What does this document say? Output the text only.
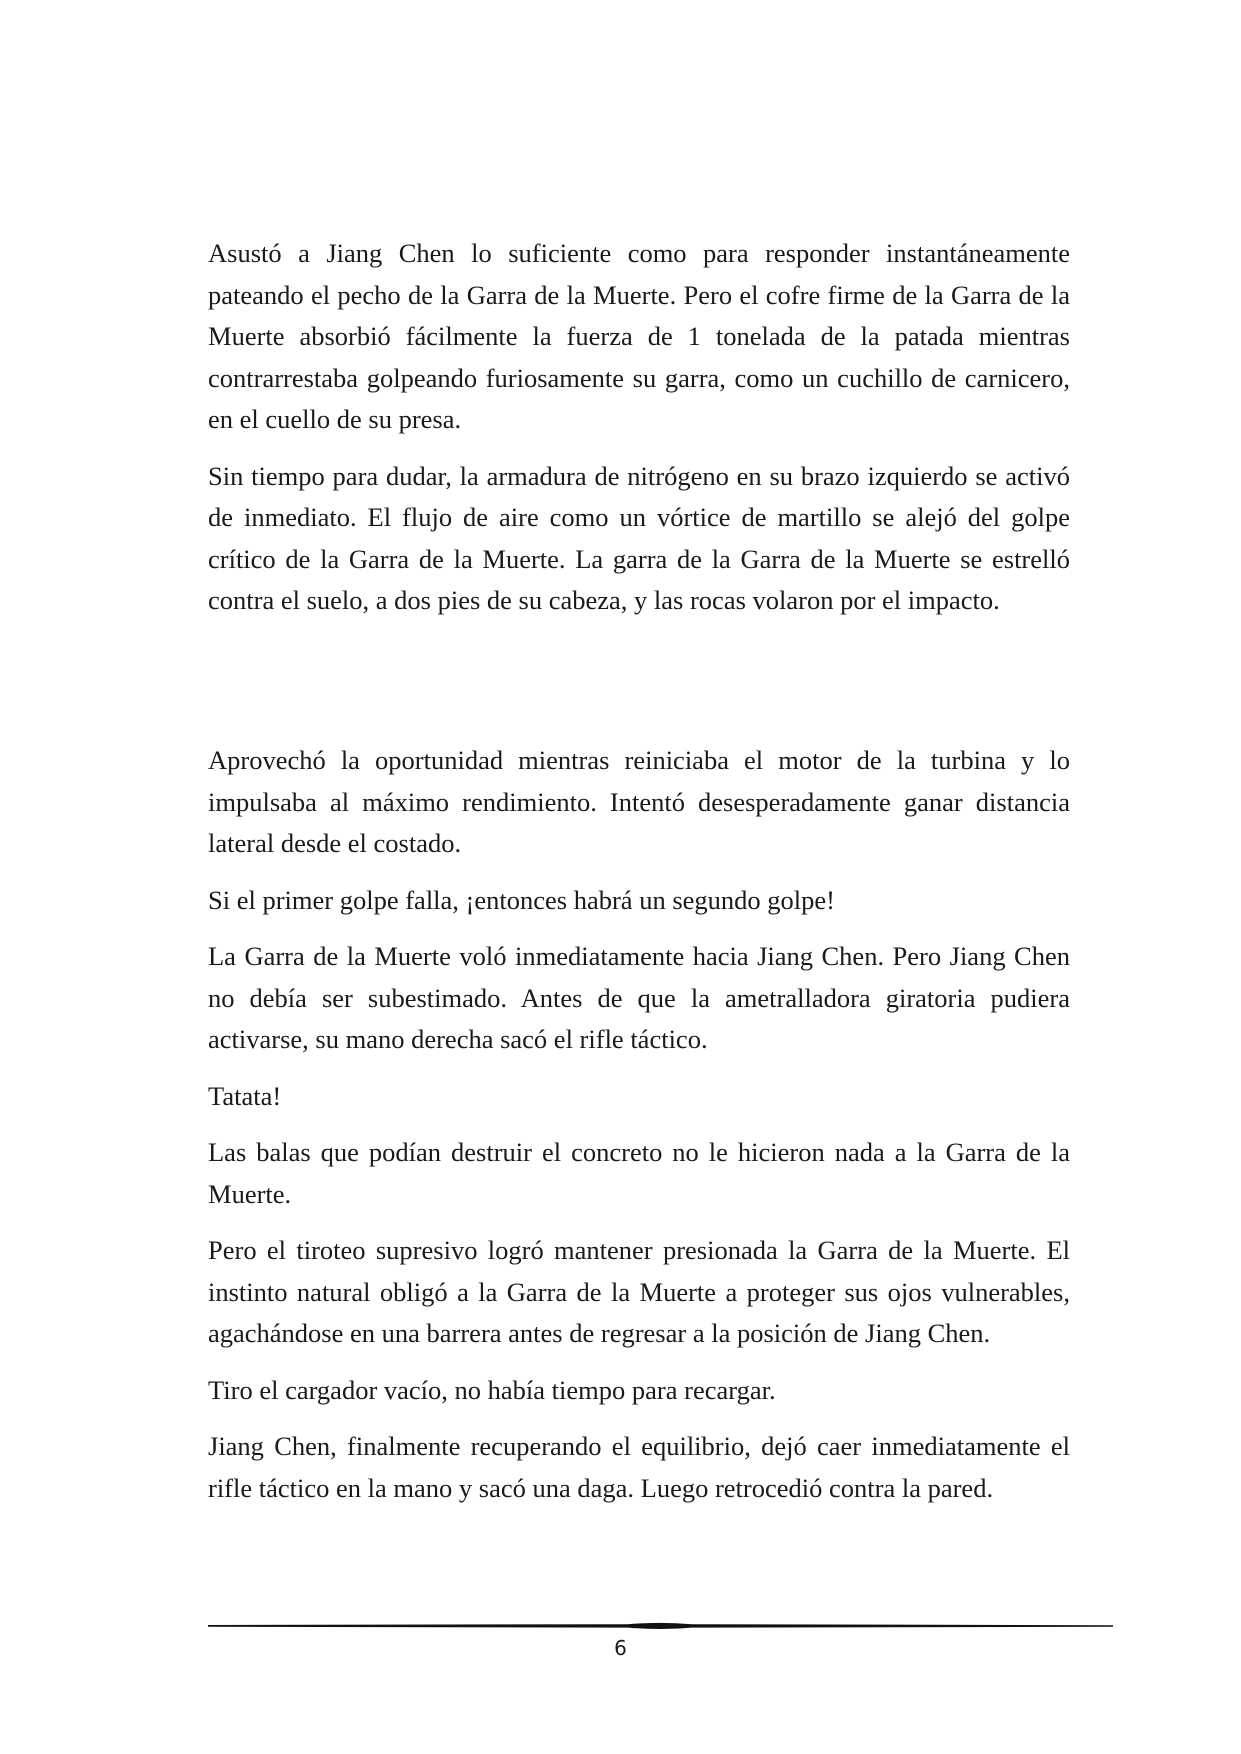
Asustó a Jiang Chen lo suficiente como para responder instantáneamente pateando el pecho de la Garra de la Muerte. Pero el cofre firme de la Garra de la Muerte absorbió fácilmente la fuerza de 1 tonelada de la patada mientras contrarrestaba golpeando furiosamente su garra, como un cuchillo de carnicero, en el cuello de su presa.

Sin tiempo para dudar, la armadura de nitrógeno en su brazo izquierdo se activó de inmediato. El flujo de aire como un vórtice de martillo se alejó del golpe crítico de la Garra de la Muerte. La garra de la Garra de la Muerte se estrelló contra el suelo, a dos pies de su cabeza, y las rocas volaron por el impacto.

Aprovechó la oportunidad mientras reiniciaba el motor de la turbina y lo impulsaba al máximo rendimiento. Intentó desesperadamente ganar distancia lateral desde el costado.

Si el primer golpe falla, ¡entonces habrá un segundo golpe!

La Garra de la Muerte voló inmediatamente hacia Jiang Chen. Pero Jiang Chen no debía ser subestimado. Antes de que la ametralladora giratoria pudiera activarse, su mano derecha sacó el rifle táctico.

Tatata!

Las balas que podían destruir el concreto no le hicieron nada a la Garra de la Muerte.

Pero el tiroteo supresivo logró mantener presionada la Garra de la Muerte. El instinto natural obligó a la Garra de la Muerte a proteger sus ojos vulnerables, agachándose en una barrera antes de regresar a la posición de Jiang Chen.

Tiro el cargador vacío, no había tiempo para recargar.

Jiang Chen, finalmente recuperando el equilibrio, dejó caer inmediatamente el rifle táctico en la mano y sacó una daga. Luego retrocedió contra la pared.

6
